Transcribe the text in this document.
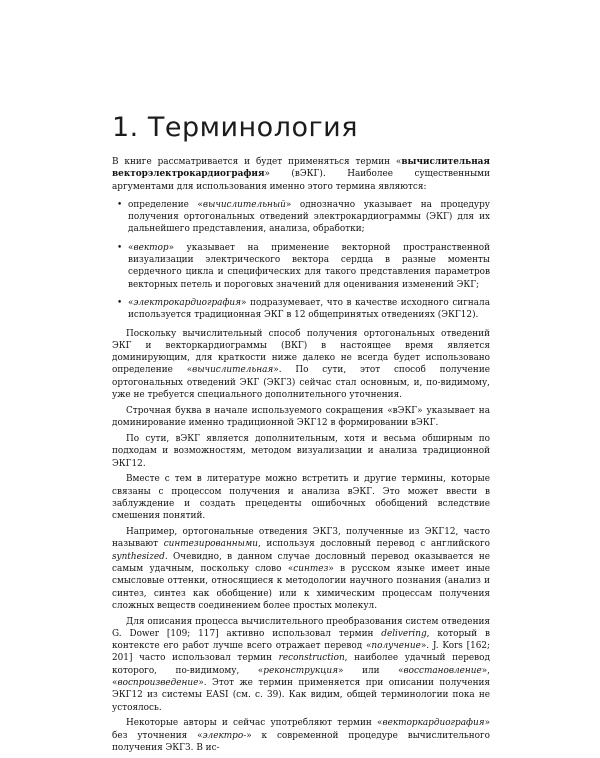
1. Терминология

В книге рассматривается и будет применяться термин «вычислительная векторэлектрокардиография» (вЭКГ). Наиболее существенными аргументами для использования именно этого термина являются:

• определение «вычислительный» однозначно указывает на процедуру получения ортогональных отведений электрокардиограммы (ЭКГ) для их дальнейшего представления, анализа, обработки;
• «вектор» указывает на применение векторной пространственной визуализации электрического вектора сердца в разные моменты сердечного цикла и специфических для такого представления параметров векторных петель и пороговых значений для оценивания изменений ЭКГ;
• «электрокардиография» подразумевает, что в качестве исходного сигнала используется традиционная ЭКГ в 12 общепринятых отведениях (ЭКГ12).

Поскольку вычислительный способ получения ортогональных отведений ЭКГ и векторкардиограммы (ВКГ) в настоящее время является доминирующим, для краткости ниже далеко не всегда будет использовано определение «вычислительная». По сути, этот способ получение ортогональных отведений ЭКГ (ЭКГ3) сейчас стал основным, и, по-видимому, уже не требуется специального дополнительного уточнения.

Строчная буква в начале используемого сокращения «вЭКГ» указывает на доминирование именно традиционной ЭКГ12 в формировании вЭКГ.

По сути, вЭКГ является дополнительным, хотя и весьма обширным по подходам и возможностям, методом визуализации и анализа традиционной ЭКГ12.

Вместе с тем в литературе можно встретить и другие термины, которые связаны с процессом получения и анализа вЭКГ. Это может ввести в заблуждение и создать прецеденты ошибочных обобщений вследствие смешения понятий.

Например, ортогональные отведения ЭКГ3, полученные из ЭКГ12, часто называют синтезированными, используя дословный перевод с английского synthesized. Очевидно, в данном случае дословный перевод оказывается не самым удачным, поскольку слово «синтез» в русском языке имеет иные смысловые оттенки, относящиеся к методологии научного познания (анализ и синтез, синтез как обобщение) или к химическим процессам получения сложных веществ соединением более простых молекул.

Для описания процесса вычислительного преобразования систем отведения G. Dower [109; 117] активно использовал термин delivering, который в контексте его работ лучше всего отражает перевод «получение». J. Kors [162; 201] часто использовал термин reconstruction, наиболее удачный перевод которого, по-видимому, «реконструкция» или «восстановление», «воспроизведение». Этот же термин применяется при описании получения ЭКГ12 из системы EASI (см. с. 39). Как видим, общей терминологии пока не устоялось.

Некоторые авторы и сейчас употребляют термин «векторкардиография» без уточнения «электро-» к современной процедуре вычислительного получения ЭКГ3. В ис-
